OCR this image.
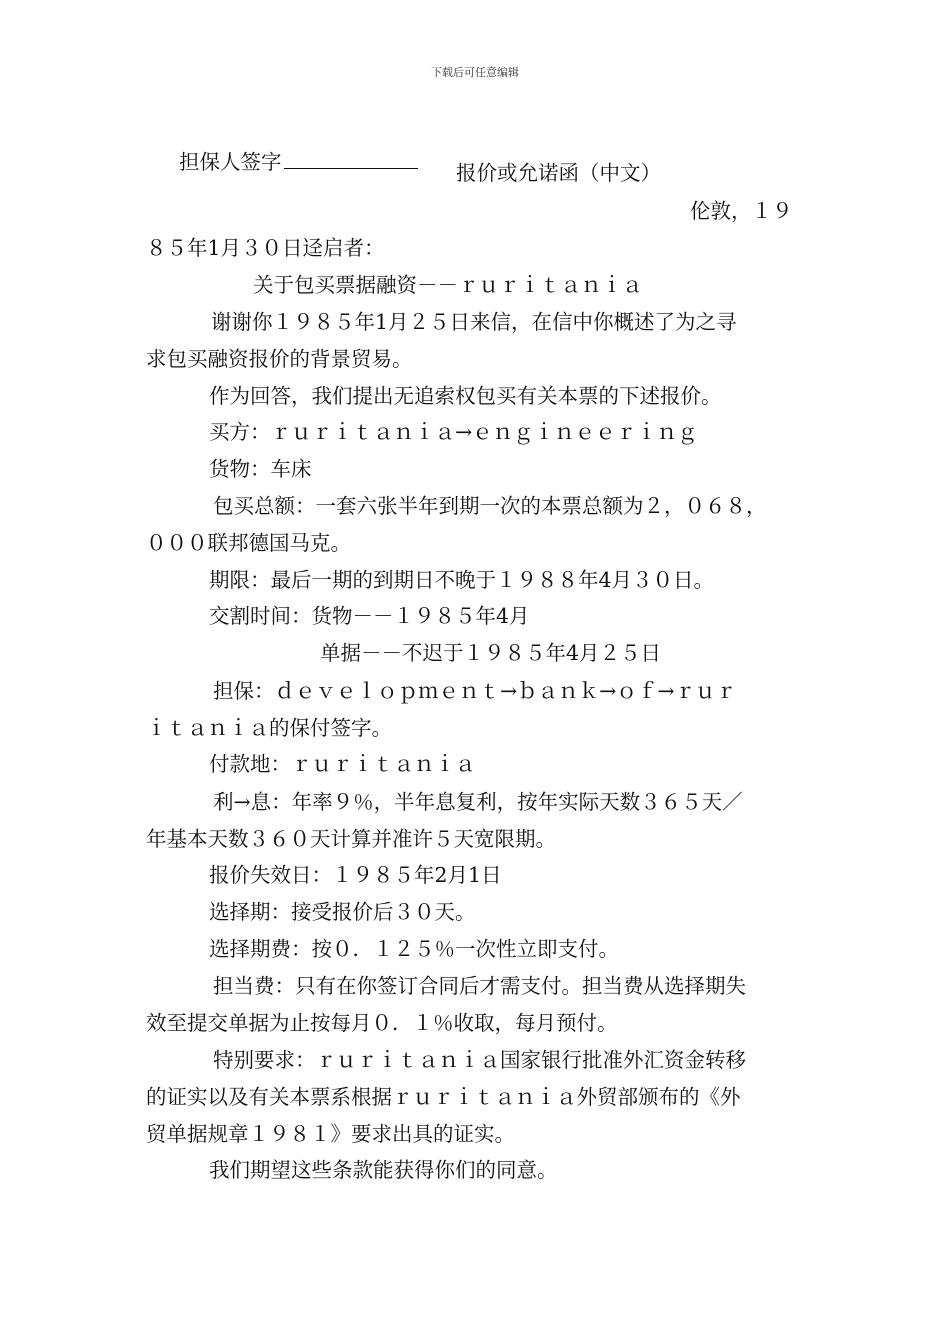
下载后可任意编辑

担保人签字	报价或允诺函（中文）
伦敦，１９
８５年1月３０日迳启者：
关于包买票据融资－－ｒｕｒｉｔａｎｉａ
谢谢你１９８５年1月２５日来信，在信中你概述了为之寻
求包买融资报价的背景贸易。
作为回答，我们提出无追索权包买有关本票的下述报价。
买方：ｒｕｒｉｔａｎｉａ→ｅｎｇｉｎｅｅｒｉｎｇ
货物：车床
包买总额：一套六张半年到期一次的本票总额为２，０６８，
０００联邦德国马克。
期限：最后一期的到期日不晚于１９８８年4月３０日。
交割时间：货物－－１９８５年4月
单据－－不迟于１９８５年4月２５日
担保：ｄｅｖｅｌｏｐｍｅｎｔ→ｂａｎｋ→ｏｆ→ｒｕｒ
ｉｔａｎｉａ的保付签字。
付款地：ｒｕｒｉｔａｎｉａ
利→息：年率９％，半年息复利，按年实际天数３６５天／
年基本天数３６０天计算并准许５天宽限期。
报价失效日：１９８５年2月1日
选择期：接受报价后３０天。
选择期费：按０．１２５％一次性立即支付。
担当费：只有在你签订合同后才需支付。担当费从选择期失
效至提交单据为止按每月０．１％收取，每月预付。
特别要求：ｒｕｒｉｔａｎｉａ国家银行批准外汇资金转移
的证实以及有关本票系根据ｒｕｒｉｔａｎｉａ外贸部颁布的《外
贸单据规章１９８１》要求出具的证实。
我们期望这些条款能获得你们的同意。
